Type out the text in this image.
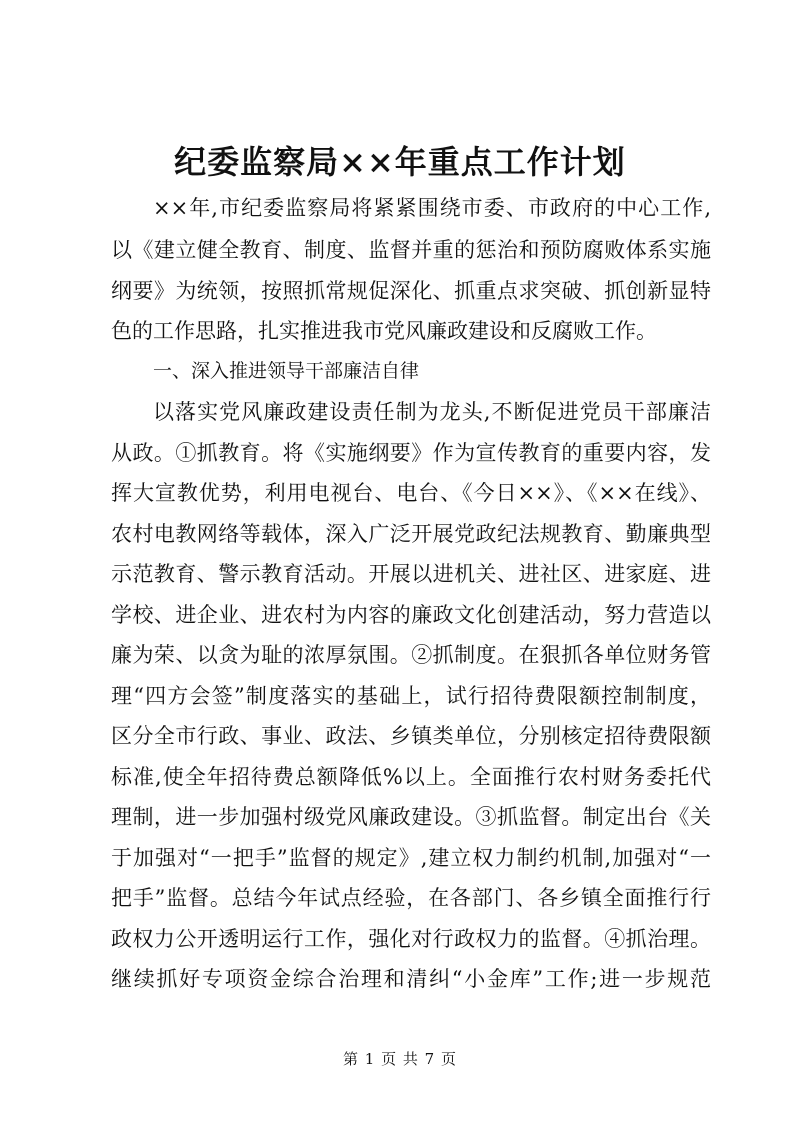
纪委监察局××年重点工作计划
××年,市纪委监察局将紧紧围绕市委、市政府的中心工作,
以《建立健全教育、制度、监督并重的惩治和预防腐败体系实施
纲要》为统领，按照抓常规促深化、抓重点求突破、抓创新显特
色的工作思路，扎实推进我市党风廉政建设和反腐败工作。
一、深入推进领导干部廉洁自律
以落实党风廉政建设责任制为龙头,不断促进党员干部廉洁
从政。①抓教育。将《实施纲要》作为宣传教育的重要内容，发
挥大宣教优势，利用电视台、电台、《今日××》、《××在线》、
农村电教网络等载体，深入广泛开展党政纪法规教育、勤廉典型
示范教育、警示教育活动。开展以进机关、进社区、进家庭、进
学校、进企业、进农村为内容的廉政文化创建活动，努力营造以
廉为荣、以贪为耻的浓厚氛围。②抓制度。在狠抓各单位财务管
理“四方会签”制度落实的基础上，试行招待费限额控制制度，
区分全市行政、事业、政法、乡镇类单位，分别核定招待费限额
标准,使全年招待费总额降低%以上。全面推行农村财务委托代
理制，进一步加强村级党风廉政建设。③抓监督。制定出台《关
于加强对“一把手”监督的规定》,建立权力制约机制,加强对“一
把手”监督。总结今年试点经验，在各部门、各乡镇全面推行行
政权力公开透明运行工作，强化对行政权力的监督。④抓治理。
继续抓好专项资金综合治理和清纠“小金库”工作;进一步规范
第 1 页 共 7 页
